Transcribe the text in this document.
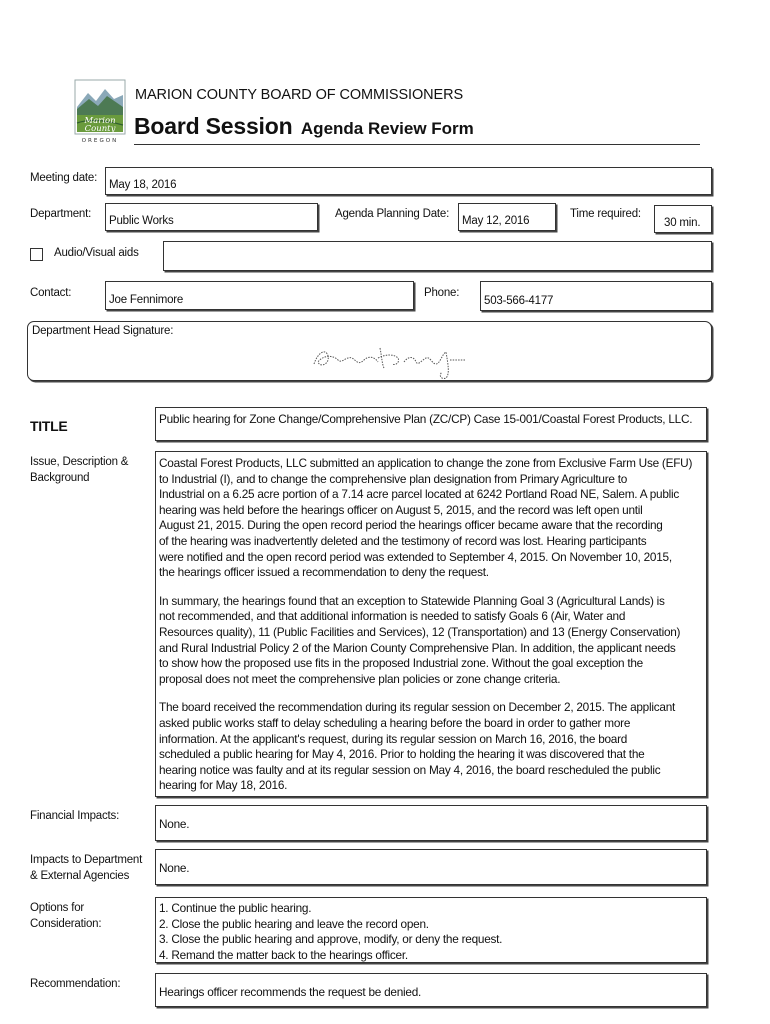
Marion
County
OREGON
MARION COUNTY BOARD OF COMMISSIONERS
Board Session Agenda Review Form
Meeting date:
May 18, 2016
Department:
Public Works
Agenda Planning Date:
May 12, 2016
Time required:
30 min.
Audio/Visual aids
Contact:
Joe Fennimore
Phone:
503-566-4177
Department Head Signature:
TITLE	Public hearing for Zone Change/Comprehensive Plan (ZC/CP) Case 15-001/Coastal Forest Products, LLC.
Issue, Description &
Background

Coastal Forest Products, LLC submitted an application to change the zone from Exclusive Farm Use (EFU)
to Industrial (I), and to change the comprehensive plan designation from Primary Agriculture to
Industrial on a 6.25 acre portion of a 7.14 acre parcel located at 6242 Portland Road NE, Salem. A public
hearing was held before the hearings officer on August 5, 2015, and the record was left open until
August 21, 2015. During the open record period the hearings officer became aware that the recording
of the hearing was inadvertently deleted and the testimony of record was lost. Hearing participants
were notified and the open record period was extended to September 4, 2015. On November 10, 2015,
the hearings officer issued a recommendation to deny the request.

In summary, the hearings found that an exception to Statewide Planning Goal 3 (Agricultural Lands) is
not recommended, and that additional information is needed to satisfy Goals 6 (Air, Water and
Resources quality), 11 (Public Facilities and Services), 12 (Transportation) and 13 (Energy Conservation)
and Rural Industrial Policy 2 of the Marion County Comprehensive Plan. In addition, the applicant needs
to show how the proposed use fits in the proposed Industrial zone. Without the goal exception the
proposal does not meet the comprehensive plan policies or zone change criteria.

The board received the recommendation during its regular session on December 2, 2015. The applicant
asked public works staff to delay scheduling a hearing before the board in order to gather more
information. At the applicant's request, during its regular session on March 16, 2016, the board
scheduled a public hearing for May 4, 2016. Prior to holding the hearing it was discovered that the
hearing notice was faulty and at its regular session on May 4, 2016, the board rescheduled the public
hearing for May 18, 2016.

Financial Impacts:
None.
Impacts to Department
& External Agencies
None.
Options for
Consideration:
1. Continue the public hearing.
2. Close the public hearing and leave the record open.
3. Close the public hearing and approve, modify, or deny the request.
4. Remand the matter back to the hearings officer.
Recommendation:
Hearings officer recommends the request be denied.
